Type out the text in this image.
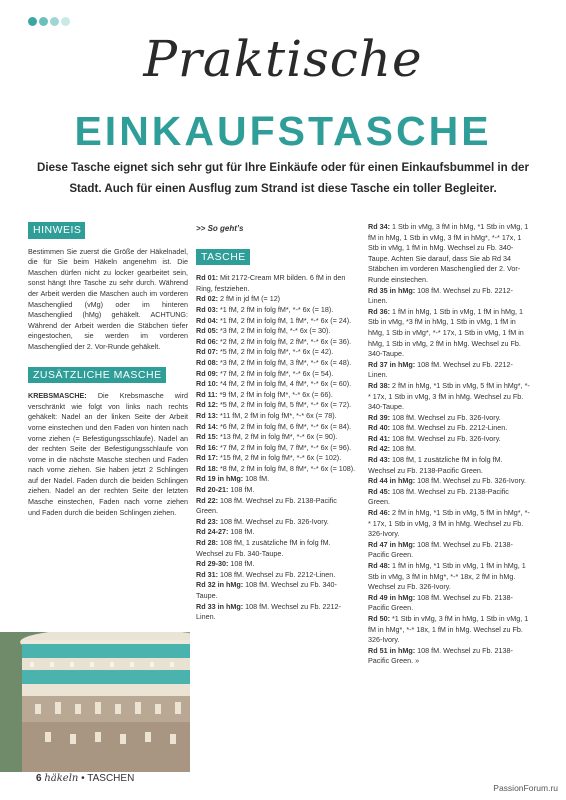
Praktische
EINKAUFSTASCHE
Diese Tasche eignet sich sehr gut für Ihre Einkäufe oder für einen Einkaufsbummel in der Stadt. Auch für einen Ausflug zum Strand ist diese Tasche ein toller Begleiter.
HINWEIS

Bestimmen Sie zuerst die Größe der Häkelnadel, die für Sie beim Häkeln angenehm ist. Die Maschen dürfen nicht zu locker gearbeitet sein, sonst hängt Ihre Tasche zu sehr durch. Während der Arbeit werden die Maschen auch im vorderen Maschenglied (vMg) oder im hinteren Maschenglied (hMg) gehäkelt. ACHTUNG: Während der Arbeit werden die Stäbchen tiefer eingestochen, sie werden im vorderen Maschenglied der 2. Vor-Runde gehäkelt.

ZUSÄTZLICHE MASCHE

KREBSMASCHE: Die Krebsmasche wird verschränkt wie folgt von links nach rechts gehäkelt: Nadel an der linken Seite der Arbeit vorne einstechen und den Faden von hinten nach vorne ziehen (= Befestigungsschlaufe). Nadel an der rechten Seite der Befestigungsschlaufe von vorne in die nächste Masche stechen und Faden nach vorne ziehen. Sie haben jetzt 2 Schlingen auf der Nadel. Faden durch die beiden Schlingen ziehen. Nadel an der rechten Seite der letzten Masche einstechen, Faden nach vorne ziehen und Faden durch die beiden Schlingen ziehen.

>> So geht’s
TASCHE

Rd 01: Mit 2172-Cream MR bilden. 6 fM in den Ring, festziehen.

Rd 02: 2 fM in jd fM (= 12)

Rd 03: *1 fM, 2 fM in folg fM*, *-* 6x (= 18).

Rd 04: *1 fM, 2 fM in folg fM, 1 fM*, *-* 6x (= 24).

Rd 05: *3 fM, 2 fM in folg fM, *-* 6x (= 30).

Rd 06: *2 fM, 2 fM in folg fM, 2 fM*, *-* 6x (= 36).

Rd 07: *5 fM, 2 fM in folg fM*, *-* 6x (= 42).

Rd 08: *3 fM, 2 fM in folg fM, 3 fM*, *-* 6x (= 48).

Rd 09: *7 fM, 2 fM in folg fM*, *-* 6x (= 54).

Rd 10: *4 fM, 2 fM in folg fM, 4 fM*, *-* 6x (= 60).

Rd 11: *9 fM, 2 fM in folg fM*, *-* 6x (= 66).

Rd 12: *5 fM, 2 fM in folg fM, 5 fM*, *-* 6x (= 72).

Rd 13: *11 fM, 2 fM in folg fM*, *-* 6x (= 78).

Rd 14: *6 fM, 2 fM in folg fM, 6 fM*, *-* 6x (= 84).

Rd 15: *13 fM, 2 fM in folg fM*, *-* 6x (= 90).

Rd 16: *7 fM, 2 fM in folg fM, 7 fM*, *-* 6x (= 96).

Rd 17: *15 fM, 2 fM in folg fM*, *-* 6x (= 102).

Rd 18: *8 fM, 2 fM in folg fM, 8 fM*, *-* 6x (= 108).

Rd 19 in hMg: 108 fM.

Rd 20-21: 108 fM.

Rd 22: 108 fM. Wechsel zu Fb. 2138-Pacific Green.

Rd 23: 108 fM. Wechsel zu Fb. 326-Ivory.

Rd 24-27: 108 fM.

Rd 28: 108 fM, 1 zusätzliche fM in folg fM. Wechsel zu Fb. 340-Taupe.

Rd 29-30: 108 fM.

Rd 31: 108 fM. Wechsel zu Fb. 2212-Linen.

Rd 32 in hMg: 108 fM. Wechsel zu Fb. 340-Taupe.

Rd 33 in hMg: 108 fM. Wechsel zu Fb. 2212-Linen.

Rd 34: 1 Stb in vMg, 3 fM in hMg, *1 Stb in vMg, 1 fM in hMg, 1 Stb in vMg, 3 fM in hMg*, *-* 17x, 1 Stb in vMg, 1 fM in hMg. Wechsel zu Fb. 340-Taupe. Achten Sie darauf, dass Sie ab Rd 34 Stäbchen im vorderen Maschenglied der 2. Vor-Runde einstechen.

Rd 35 in hMg: 108 fM. Wechsel zu Fb. 2212-Linen.

Rd 36: 1 fM in hMg, 1 Stb in vMg, 1 fM in hMg, 1 Stb in vMg, *3 fM in hMg, 1 Stb in vMg, 1 fM in hMg, 1 Stb in vMg*, *-* 17x, 1 Stb in vMg, 1 fM in hMg, 1 Stb in vMg, 2 fM in hMg. Wechsel zu Fb. 340-Taupe.

Rd 37 in hMg: 108 fM. Wechsel zu Fb. 2212-Linen.

Rd 38: 2 fM in hMg, *1 Stb in vMg, 5 fM in hMg*, *-* 17x, 1 Stb in vMg, 3 fM in hMg. Wechsel zu Fb. 340-Taupe.

Rd 39: 108 fM. Wechsel zu Fb. 326-Ivory.

Rd 40: 108 fM. Wechsel zu Fb. 2212-Linen.

Rd 41: 108 fM. Wechsel zu Fb. 326-Ivory.

Rd 42: 108 fM.

Rd 43: 108 fM, 1 zusätzliche fM in folg fM. Wechsel zu Fb. 2138-Pacific Green.

Rd 44 in hMg: 108 fM. Wechsel zu Fb. 326-Ivory.

Rd 45: 108 fM. Wechsel zu Fb. 2138-Pacific Green.

Rd 46: 2 fM in hMg, *1 Stb in vMg, 5 fM in hMg*, *-* 17x, 1 Stb in vMg, 3 fM in hMg. Wechsel zu Fb. 326-Ivory.

Rd 47 in hMg: 108 fM. Wechsel zu Fb. 2138-Pacific Green.

Rd 48: 1 fM in hMg, *1 Stb in vMg, 1 fM in hMg, 1 Stb in vMg, 3 fM in hMg*, *-* 18x, 2 fM in hMg. Wechsel zu Fb. 326-Ivory.

Rd 49 in hMg: 108 fM. Wechsel zu Fb. 2138-Pacific Green.

Rd 50: *1 Stb in vMg, 3 fM in hMg, 1 Stb in vMg, 1 fM in hMg*, *-* 18x, 1 fM in hMg. Wechsel zu Fb. 326-Ivory.

Rd 51 in hMg: 108 fM. Wechsel zu Fb. 2138-Pacific Green. »

6 häkeln • TASCHEN
PassionForum.ru
